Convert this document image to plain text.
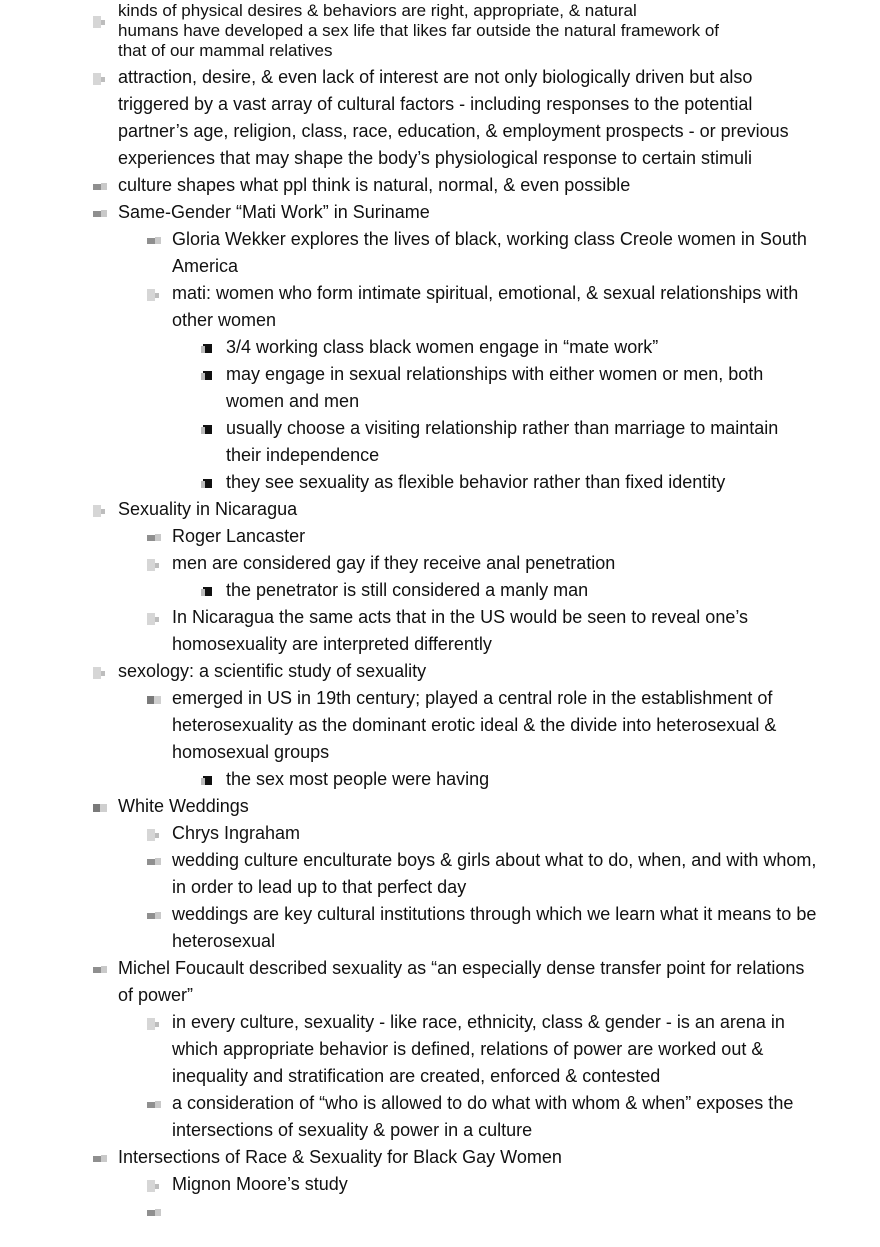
kinds of physical desires & behaviors are right, appropriate, & natural
humans have developed a sex life that likes far outside the natural framework of
that of our mammal relatives
attraction, desire, & even lack of interest are not only biologically driven but also triggered by a vast array of cultural factors - including responses to the potential partner’s age, religion, class, race, education, & employment prospects - or previous experiences that may shape the body’s physiological response to certain stimuli
culture shapes what ppl think is natural, normal, & even possible
Same-Gender “Mati Work” in Suriname
Gloria Wekker explores the lives of black, working class Creole women in South America
mati: women who form intimate spiritual, emotional, & sexual relationships with other women
3/4 working class black women engage in “mate work”
may engage in sexual relationships with either women or men, both women and men
usually choose a visiting relationship rather than marriage to maintain their independence
they see sexuality as flexible behavior rather than fixed identity
Sexuality in Nicaragua
Roger Lancaster
men are considered gay if they receive anal penetration
the penetrator is still considered a manly man
In Nicaragua the same acts that in the US would be seen to reveal one’s homosexuality are interpreted differently
sexology: a scientific study of sexuality
emerged in US in 19th century; played a central role in the establishment of heterosexuality as the dominant erotic ideal & the divide into heterosexual & homosexual groups
the sex most people were having
White Weddings
Chrys Ingraham
wedding culture enculturate boys & girls about what to do, when, and with whom, in order to lead up to that perfect day
weddings are key cultural institutions through which we learn what it means to be heterosexual
Michel Foucault described sexuality as “an especially dense transfer point for relations of power”
in every culture, sexuality - like race, ethnicity, class & gender - is an arena in which appropriate behavior is defined, relations of power are worked out & inequality and stratification are created, enforced & contested
a consideration of “who is allowed to do what with whom & when” exposes the intersections of sexuality & power in a culture
Intersections of Race & Sexuality for Black Gay Women
Mignon Moore’s study
